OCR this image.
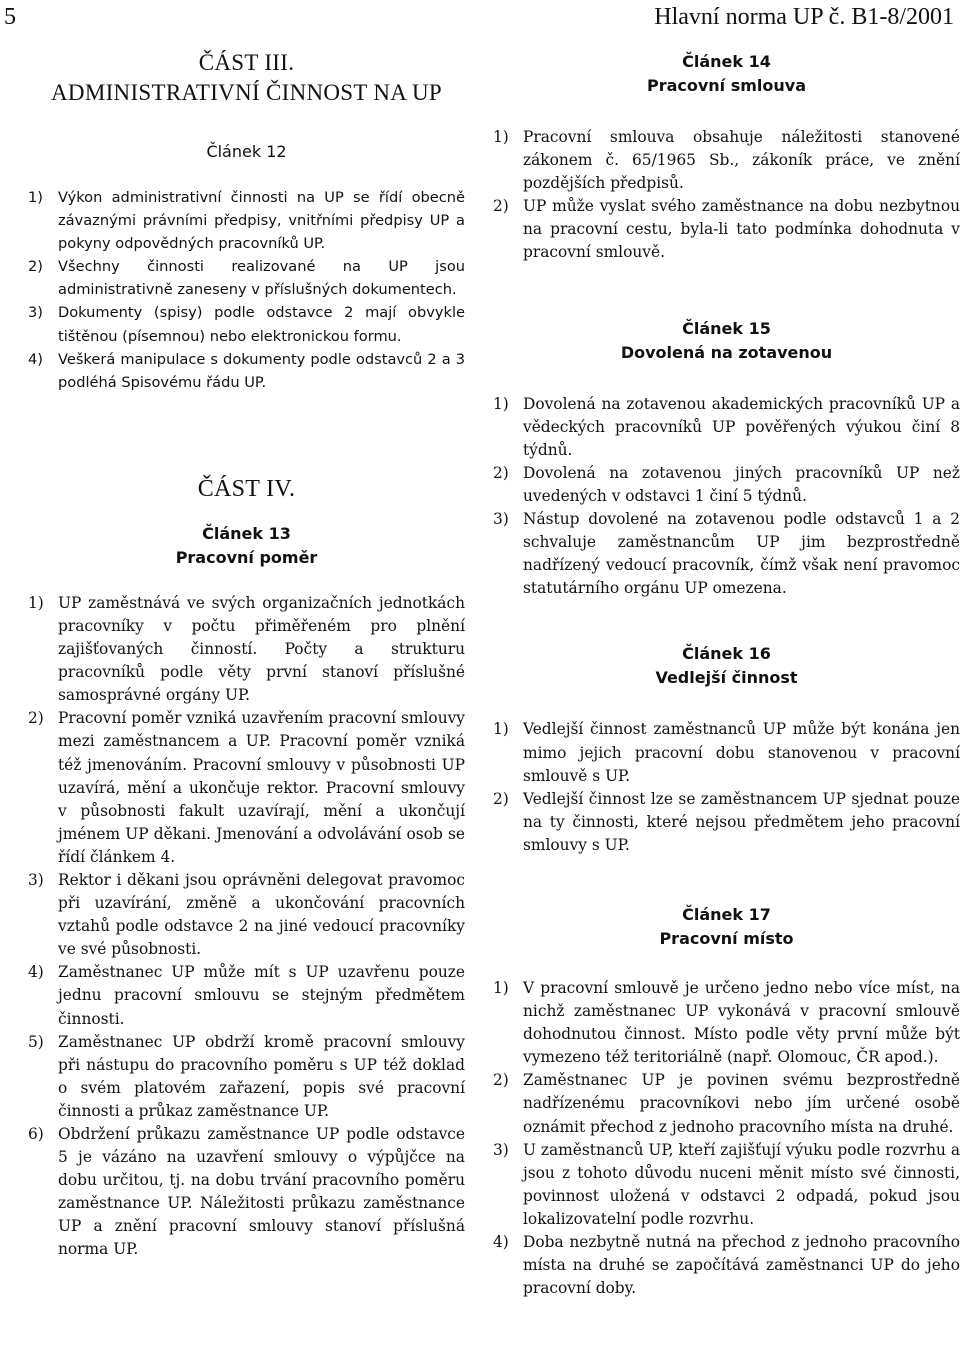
5	Hlavní norma UP č. B1-8/2001
ČÁST III.
ADMINISTRATIVNÍ ČINNOST NA UP
Článek 12
1) Výkon administrativní činnosti na UP se řídí obecně závaznými právními předpisy, vnitřními předpisy UP a pokyny odpovědných pracovníků UP.
2) Všechny činnosti realizované na UP jsou administrativně zaneseny v příslušných dokumentech.
3) Dokumenty (spisy) podle odstavce 2 mají obvykle tištěnou (písemnou) nebo elektronickou formu.
4) Veškerá manipulace s dokumenty podle odstavců 2 a 3 podléhá Spisovému řádu UP.
ČÁST IV.
Článek 13
Pracovní poměr
1) UP zaměstnává ve svých organizačních jednotkách pracovníky v počtu přiměřeném pro plnění zajišťovaných činností. Počty a strukturu pracovníků podle věty první stanoví příslušné samosprávné orgány UP.
2) Pracovní poměr vzniká uzavřením pracovní smlouvy mezi zaměstnancem a UP. Pracovní poměr vzniká též jmenováním. Pracovní smlouvy v působnosti UP uzavírá, mění a ukončuje rektor. Pracovní smlouvy v působnosti fakult uzavírají, mění a ukončují jménem UP děkani. Jmenování a odvolávání osob se řídí článkem 4.
3) Rektor i děkani jsou oprávněni delegovat pravomoc při uzavírání, změně a ukončování pracovních vztahů podle odstavce 2 na jiné vedoucí pracovníky ve své působnosti.
4) Zaměstnanec UP může mít s UP uzavřenu pouze jednu pracovní smlouvu se stejným předmětem činnosti.
5) Zaměstnanec UP obdrží kromě pracovní smlouvy při nástupu do pracovního poměru s UP též doklad o svém platovém zařazení, popis své pracovní činnosti a průkaz zaměstnance UP.
6) Obdržení průkazu zaměstnance UP podle odstavce 5 je vázáno na uzavření smlouvy o výpůjčce na dobu určitou, tj. na dobu trvání pracovního poměru zaměstnance UP. Náležitosti průkazu zaměstnance UP a znění pracovní smlouvy stanoví příslušná norma UP.
Článek 14
Pracovní smlouva
1) Pracovní smlouva obsahuje náležitosti stanovené zákonem č. 65/1965 Sb., zákoník práce, ve znění pozdějších předpisů.
2) UP může vyslat svého zaměstnance na dobu nezbytnou na pracovní cestu, byla-li tato podmínka dohodnuta v pracovní smlouvě.
Článek 15
Dovolená na zotavenou
1) Dovolená na zotavenou akademických pracovníků UP a vědeckých pracovníků UP pověřených výukou činí 8 týdnů.
2) Dovolená na zotavenou jiných pracovníků UP než uvedených v odstavci 1 činí 5 týdnů.
3) Nástup dovolené na zotavenou podle odstavců 1 a 2 schvaluje zaměstnancům UP jim bezprostředně nadřízený vedoucí pracovník, čímž však není pravomoc statutárního orgánu UP omezena.
Článek 16
Vedlejší činnost
1) Vedlejší činnost zaměstnanců UP může být konána jen mimo jejich pracovní dobu stanovenou v pracovní smlouvě s UP.
2) Vedlejší činnost lze se zaměstnancem UP sjednat pouze na ty činnosti, které nejsou předmětem jeho pracovní smlouvy s UP.
Článek 17
Pracovní místo
1) V pracovní smlouvě je určeno jedno nebo více míst, na nichž zaměstnanec UP vykonává v pracovní smlouvě dohodnutou činnost. Místo podle věty první může být vymezeno též teritoriálně (např. Olomouc, ČR apod.).
2) Zaměstnanec UP je povinen svému bezprostředně nadřízenému pracovníkovi nebo jím určené osobě oznámit přechod z jednoho pracovního místa na druhé.
3) U zaměstnanců UP, kteří zajišťují výuku podle rozvrhu a jsou z tohoto důvodu nuceni měnit místo své činnosti, povinnost uložená v odstavci 2 odpadá, pokud jsou lokalizovatelní podle rozvrhu.
4) Doba nezbytně nutná na přechod z jednoho pracovního místa na druhé se započítává zaměstnanci UP do jeho pracovní doby.
